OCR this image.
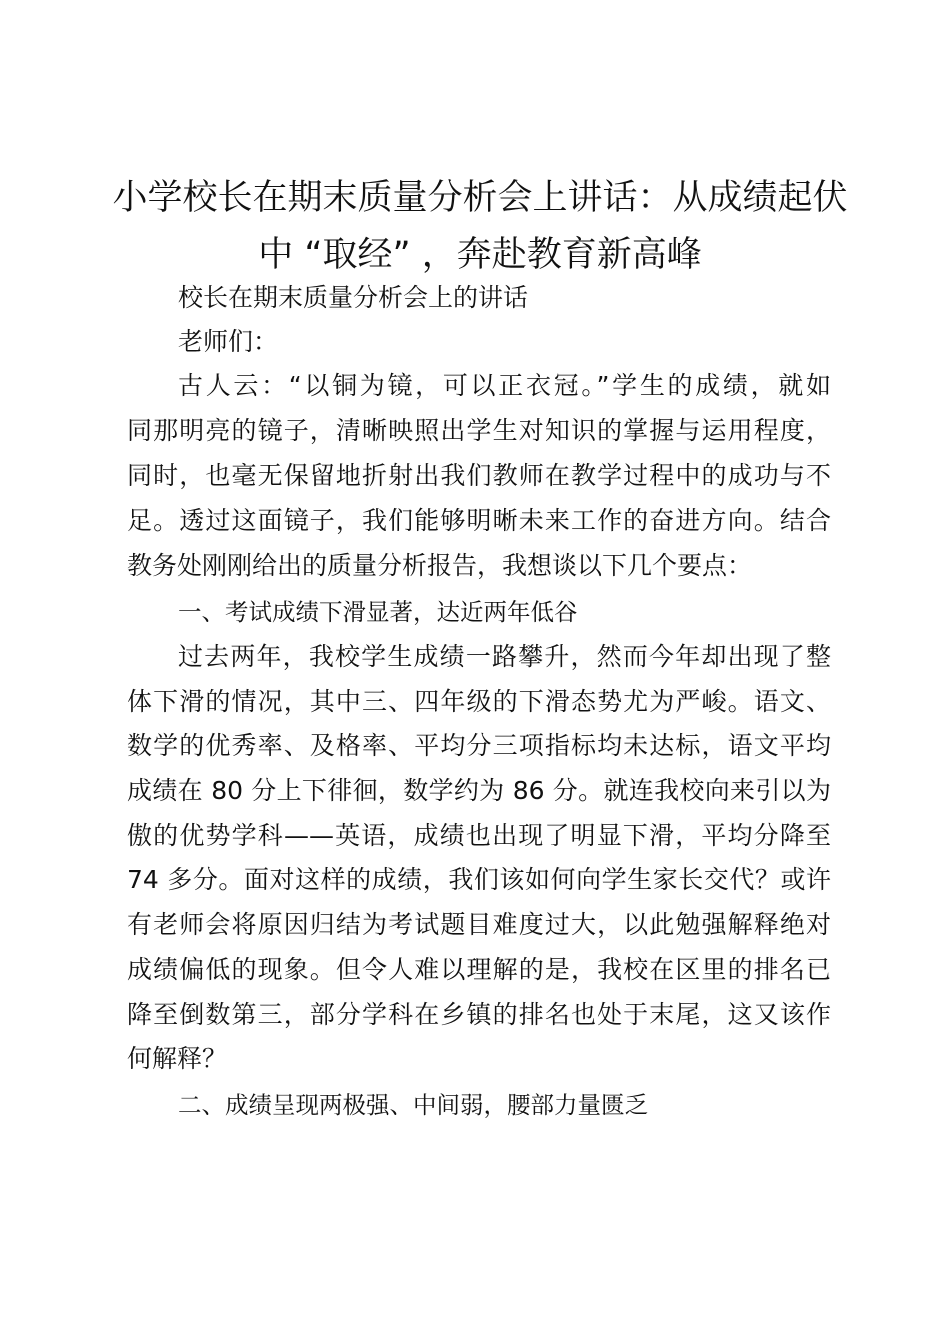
小学校长在期末质量分析会上讲话：从成绩起伏中 “取经” ，奔赴教育新高峰

校长在期末质量分析会上的讲话

老师们：

古人云：“以铜为镜，可以正衣冠。”学生的成绩，就如

同那明亮的镜子，清晰映照出学生对知识的掌握与运用程度，

同时，也毫无保留地折射出我们教师在教学过程中的成功与不

足。透过这面镜子，我们能够明晰未来工作的奋进方向。结合

教务处刚刚给出的质量分析报告，我想谈以下几个要点：

一、考试成绩下滑显著，达近两年低谷

过去两年，我校学生成绩一路攀升，然而今年却出现了整

体下滑的情况，其中三、四年级的下滑态势尤为严峻。语文、

数学的优秀率、及格率、平均分三项指标均未达标，语文平均

成绩在 80 分上下徘徊，数学约为 86 分。就连我校向来引以为

傲的优势学科——英语，成绩也出现了明显下滑，平均分降至

74 多分。面对这样的成绩，我们该如何向学生家长交代？或许

有老师会将原因归结为考试题目难度过大，以此勉强解释绝对

成绩偏低的现象。但令人难以理解的是，我校在区里的排名已

降至倒数第三，部分学科在乡镇的排名也处于末尾，这又该作

何解释？

二、成绩呈现两极强、中间弱，腰部力量匮乏
